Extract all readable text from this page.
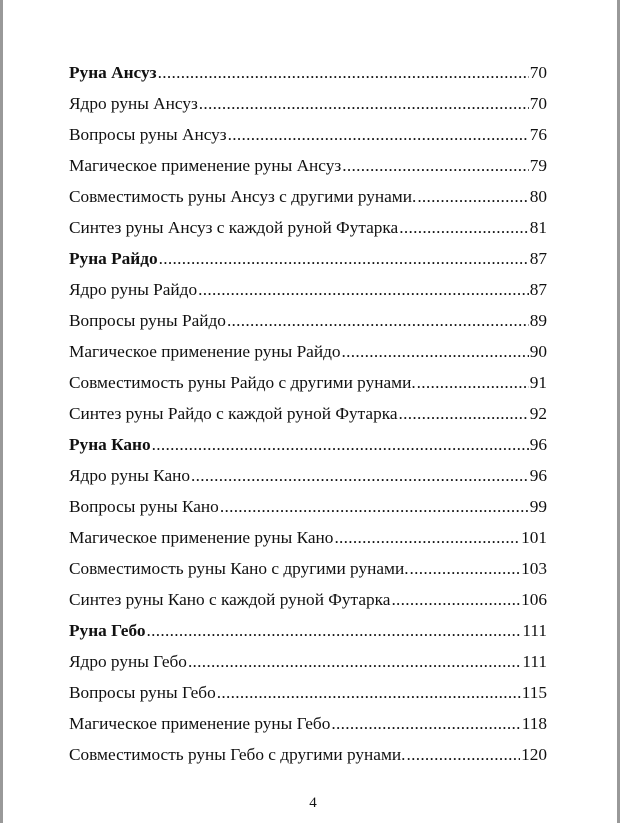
Руна Ансуз .....	70
Ядро руны Ансуз .....	70
Вопросы руны Ансуз .....	76
Магическое применение руны Ансуз .....	79
Совместимость руны Ансуз с другими рунами. .....	80
Синтез руны Ансуз с каждой руной Футарка .....	81
Руна Райдо .....	87
Ядро руны Райдо .....	87
Вопросы руны Райдо .....	89
Магическое применение руны Райдо .....	90
Совместимость руны Райдо с другими рунами. .....	91
Синтез руны Райдо с каждой руной Футарка .....	92
Руна Кано .....	96
Ядро руны Кано .....	96
Вопросы руны Кано .....	99
Магическое применение руны Кано .....	101
Совместимость руны Кано с другими рунами. .....	103
Синтез руны Кано с каждой руной Футарка .....	106
Руна Гебо .....	111
Ядро руны Гебо .....	111
Вопросы руны Гебо .....	115
Магическое применение руны Гебо .....	118
Совместимость руны Гебо с другими рунами. .....	120
4
